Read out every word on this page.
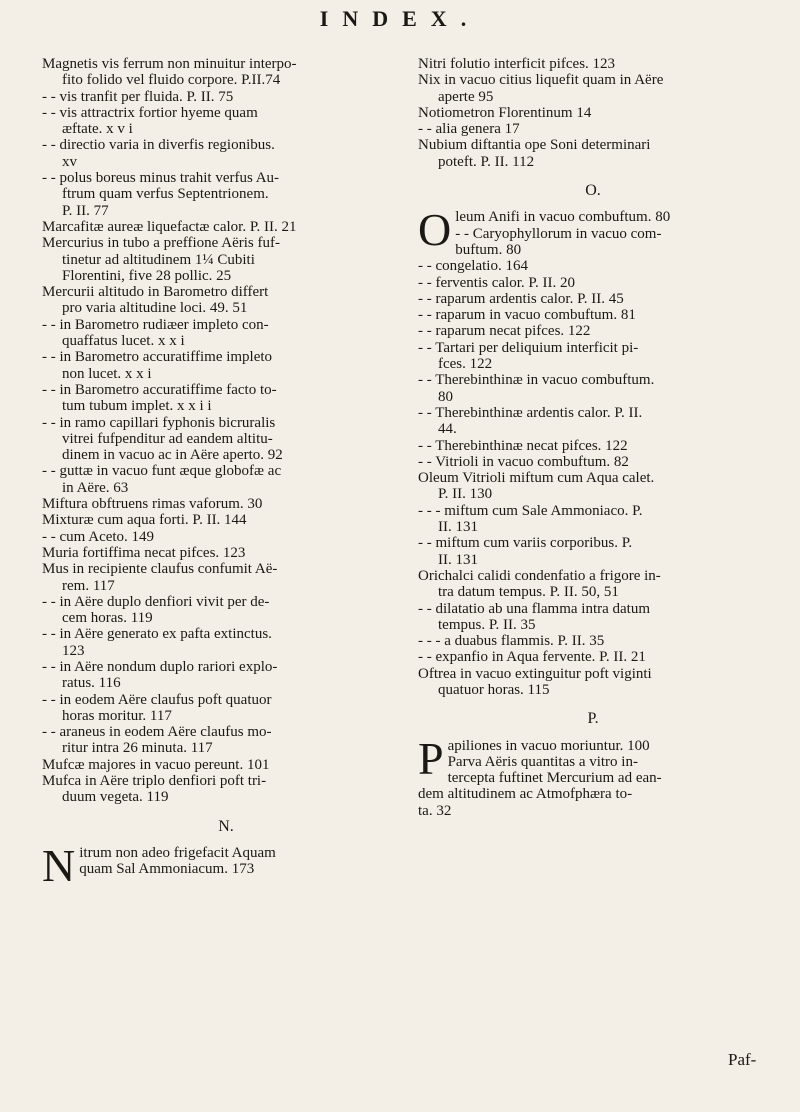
INDEX.
Magnetis vis ferrum non minuitur interpo-
fito folido vel fluido corpore. P.II.74
- - vis tranfit per fluida. P. II. 75
- - vis attractrix fortior hyeme quam
æftate. x v i
- - directio varia in diverfis regionibus.
xv
- - polus boreus minus trahit verfus Au-
ftrum quam verfus Septentrionem.
P. II. 77
Marcafitæ aureæ liquefactæ calor. P. II. 21
Mercurius in tubo a preffione Aëris fuf-
tinetur ad altitudinem 1¼ Cubiti
Florentini, five 28 pollic. 25
Mercurii altitudo in Barometro differt
pro varia altitudine loci. 49. 51
- - in Barometro rudiæer impleto con-
quaffatus lucet. x x i
- - in Barometro accuratiffime impleto
non lucet. x x i
- - in Barometro accuratiffime facto to-
tum tubum implet. x x i i
- - in ramo capillari fyphonis bicruralis
vitrei fufpenditur ad eandem altitu-
dinem in vacuo ac in Aëre aperto. 92
- - guttæ in vacuo funt æque globofæ ac
in Aëre. 63
Miftura obftruens rimas vaforum. 30
Mixturæ cum aqua forti. P. II. 144
- - cum Aceto. 149
Muria fortiffima necat pifces. 123
Mus in recipiente claufus confumit Aë-
rem. 117
- - in Aëre duplo denfiori vivit per de-
cem horas. 119
- - in Aëre generato ex pafta extinctus.
123
- - in Aëre nondum duplo rariori explo-
ratus. 116
- - in eodem Aëre claufus poft quatuor
horas moritur. 117
- - araneus in eodem Aëre claufus mo-
ritur intra 26 minuta. 117
Mufcæ majores in vacuo pereunt. 101
Mufca in Aëre triplo denfiori poft tri-
duum vegeta. 119
N.
N itrum non adeo frigefacit Aquam
quam Sal Ammoniacum. 173
Nitri folutio interficit pifces. 123
Nix in vacuo citius liquefit quam in Aëre
aperte 95
Notiometron Florentinum 14
- - alia genera 17
Nubium diftantia ope Soni determinari
poteft. P. II. 112
O.
O leum Anifi in vacuo combuftum. 80
- - Caryophyllorum in vacuo com-
buftum. 80
- - congelatio. 164
- - ferventis calor. P. II. 20
- - raparum ardentis calor. P. II. 45
- - raparum in vacuo combuftum. 81
- - raparum necat pifces. 122
- - Tartari per deliquium interficit pi-
fces. 122
- - Therebinthinæ in vacuo combuftum.
80
- - Therebinthinæ ardentis calor. P. II.
44.
- - Therebinthinæ necat pifces. 122
- - Vitrioli in vacuo combuftum. 82
Oleum Vitrioli miftum cum Aqua calet.
P. II. 130
- - - miftum cum Sale Ammoniaco. P.
II. 131
- - miftum cum variis corporibus. P.
II. 131
Orichalci calidi condenfatio a frigore in-
tra datum tempus. P. II. 50, 51
- - dilatatio ab una flamma intra datum
tempus. P. II. 35
- - - a duabus flammis. P. II. 35
- - expanfio in Aqua fervente. P. II. 21
Oftrea in vacuo extinguitur poft viginti
quatuor horas. 115
P.
P apiliones in vacuo moriuntur. 100
Parva Aëris quantitas a vitro in-
tercepta fuftinet Mercurium ad ean-
dem altitudinem ac Atmofphæra to-
ta. 32
Paf-
